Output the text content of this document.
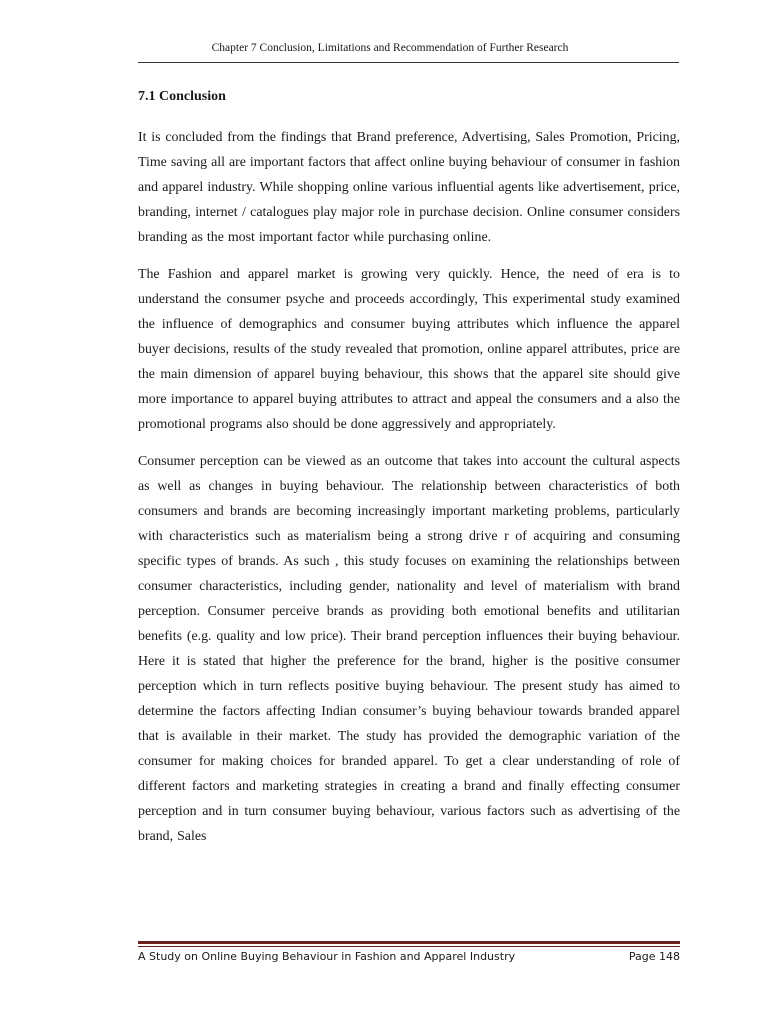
Chapter 7 Conclusion, Limitations and Recommendation of Further Research
7.1 Conclusion

It is concluded from the findings that Brand preference, Advertising, Sales Promotion, Pricing, Time saving all are important factors that affect online buying behaviour of consumer in fashion and apparel industry. While shopping online various influential agents like advertisement, price, branding, internet / catalogues play major role in purchase decision. Online consumer considers branding as the most important factor while purchasing online.

The Fashion and apparel market is growing very quickly. Hence, the need of era is to understand the consumer psyche and proceeds accordingly, This experimental study examined the influence of demographics and consumer buying attributes which influence the apparel buyer decisions, results of the study revealed that promotion, online apparel attributes, price are the main dimension of apparel buying behaviour, this shows that the apparel site should give more importance to apparel buying attributes to attract and appeal the consumers and a also the promotional programs also should be done aggressively and appropriately.

Consumer perception can be viewed as an outcome that takes into account the cultural aspects as well as changes in buying behaviour. The relationship between characteristics of both consumers and brands are becoming increasingly important marketing problems, particularly with characteristics such as materialism being a strong drive r of acquiring and consuming specific types of brands. As such , this study focuses on examining the relationships between consumer characteristics, including gender, nationality and level of materialism with brand perception. Consumer perceive brands as providing both emotional benefits and utilitarian benefits (e.g. quality and low price). Their brand perception influences their buying behaviour. Here it is stated that higher the preference for the brand, higher is the positive consumer perception which in turn reflects positive buying behaviour. The present study has aimed to determine the factors affecting Indian consumer’s buying behaviour towards branded apparel that is available in their market. The study has provided the demographic variation of the consumer for making choices for branded apparel. To get a clear understanding of role of different factors and marketing strategies in creating a brand and finally effecting consumer perception and in turn consumer buying behaviour, various factors such as advertising of the brand, Sales

A Study on Online Buying Behaviour in Fashion and Apparel Industry	Page 148
